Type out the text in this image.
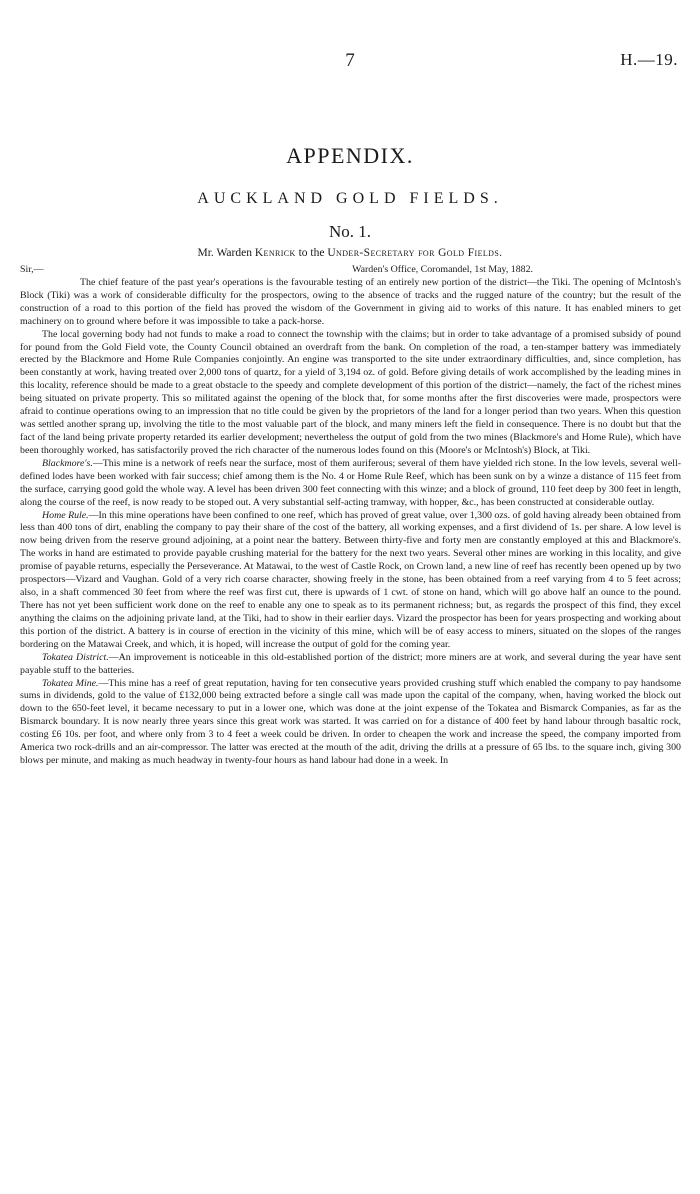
7	H.—19.
APPENDIX.
AUCKLAND GOLD FIELDS.
No. 1.
Mr. Warden Kenrick to the Under-Secretary for Gold Fields.
Sir,—	Warden's Office, Coromandel, 1st May, 1882.

The chief feature of the past year's operations is the favourable testing of an entirely new portion of the district—the Tiki. The opening of McIntosh's Block (Tiki) was a work of considerable difficulty for the prospectors, owing to the absence of tracks and the rugged nature of the country; but the result of the construction of a road to this portion of the field has proved the wisdom of the Government in giving aid to works of this nature. It has enabled miners to get machinery on to ground where before it was impossible to take a pack-horse.

The local governing body had not funds to make a road to connect the township with the claims; but in order to take advantage of a promised subsidy of pound for pound from the Gold Field vote, the County Council obtained an overdraft from the bank. On completion of the road, a ten-stamper battery was immediately erected by the Blackmore and Home Rule Companies conjointly. An engine was transported to the site under extraordinary difficulties, and, since completion, has been constantly at work, having treated over 2,000 tons of quartz, for a yield of 3,194 oz. of gold. Before giving details of work accomplished by the leading mines in this locality, reference should be made to a great obstacle to the speedy and complete development of this portion of the district—namely, the fact of the richest mines being situated on private property. This so militated against the opening of the block that, for some months after the first discoveries were made, prospectors were afraid to continue operations owing to an impression that no title could be given by the proprietors of the land for a longer period than two years. When this question was settled another sprang up, involving the title to the most valuable part of the block, and many miners left the field in consequence. There is no doubt but that the fact of the land being private property retarded its earlier development; nevertheless the output of gold from the two mines (Blackmore's and Home Rule), which have been thoroughly worked, has satisfactorily proved the rich character of the numerous lodes found on this (Moore's or McIntosh's) Block, at Tiki.

Blackmore's.—This mine is a network of reefs near the surface, most of them auriferous; several of them have yielded rich stone. In the low levels, several well-defined lodes have been worked with fair success; chief among them is the No. 4 or Home Rule Reef, which has been sunk on by a winze a distance of 115 feet from the surface, carrying good gold the whole way. A level has been driven 300 feet connecting with this winze; and a block of ground, 110 feet deep by 300 feet in length, along the course of the reef, is now ready to be stoped out. A very substantial self-acting tramway, with hopper, &c., has been constructed at considerable outlay.

Home Rule.—In this mine operations have been confined to one reef, which has proved of great value, over 1,300 ozs. of gold having already been obtained from less than 400 tons of dirt, enabling the company to pay their share of the cost of the battery, all working expenses, and a first dividend of 1s. per share. A low level is now being driven from the reserve ground adjoining, at a point near the battery. Between thirty-five and forty men are constantly employed at this and Blackmore's. The works in hand are estimated to provide payable crushing material for the battery for the next two years. Several other mines are working in this locality, and give promise of payable returns, especially the Perseverance. At Matawai, to the west of Castle Rock, on Crown land, a new line of reef has recently been opened up by two prospectors—Vizard and Vaughan. Gold of a very rich coarse character, showing freely in the stone, has been obtained from a reef varying from 4 to 5 feet across; also, in a shaft commenced 30 feet from where the reef was first cut, there is upwards of 1 cwt. of stone on hand, which will go above half an ounce to the pound. There has not yet been sufficient work done on the reef to enable any one to speak as to its permanent richness; but, as regards the prospect of this find, they excel anything the claims on the adjoining private land, at the Tiki, had to show in their earlier days. Vizard the prospector has been for years prospecting and working about this portion of the district. A battery is in course of erection in the vicinity of this mine, which will be of easy access to miners, situated on the slopes of the ranges bordering on the Matawai Creek, and which, it is hoped, will increase the output of gold for the coming year.

Tokatea District.—An improvement is noticeable in this old-established portion of the district; more miners are at work, and several during the year have sent payable stuff to the batteries.

Tokatea Mine.—This mine has a reef of great reputation, having for ten consecutive years provided crushing stuff which enabled the company to pay handsome sums in dividends, gold to the value of £132,000 being extracted before a single call was made upon the capital of the company, when, having worked the block out down to the 650-feet level, it became necessary to put in a lower one, which was done at the joint expense of the Tokatea and Bismarck Companies, as far as the Bismarck boundary. It is now nearly three years since this great work was started. It was carried on for a distance of 400 feet by hand labour through basaltic rock, costing £6 10s. per foot, and where only from 3 to 4 feet a week could be driven. In order to cheapen the work and increase the speed, the company imported from America two rock-drills and an air-compressor. The latter was erected at the mouth of the adit, driving the drills at a pressure of 65 lbs. to the square inch, giving 300 blows per minute, and making as much headway in twenty-four hours as hand labour had done in a week. In
